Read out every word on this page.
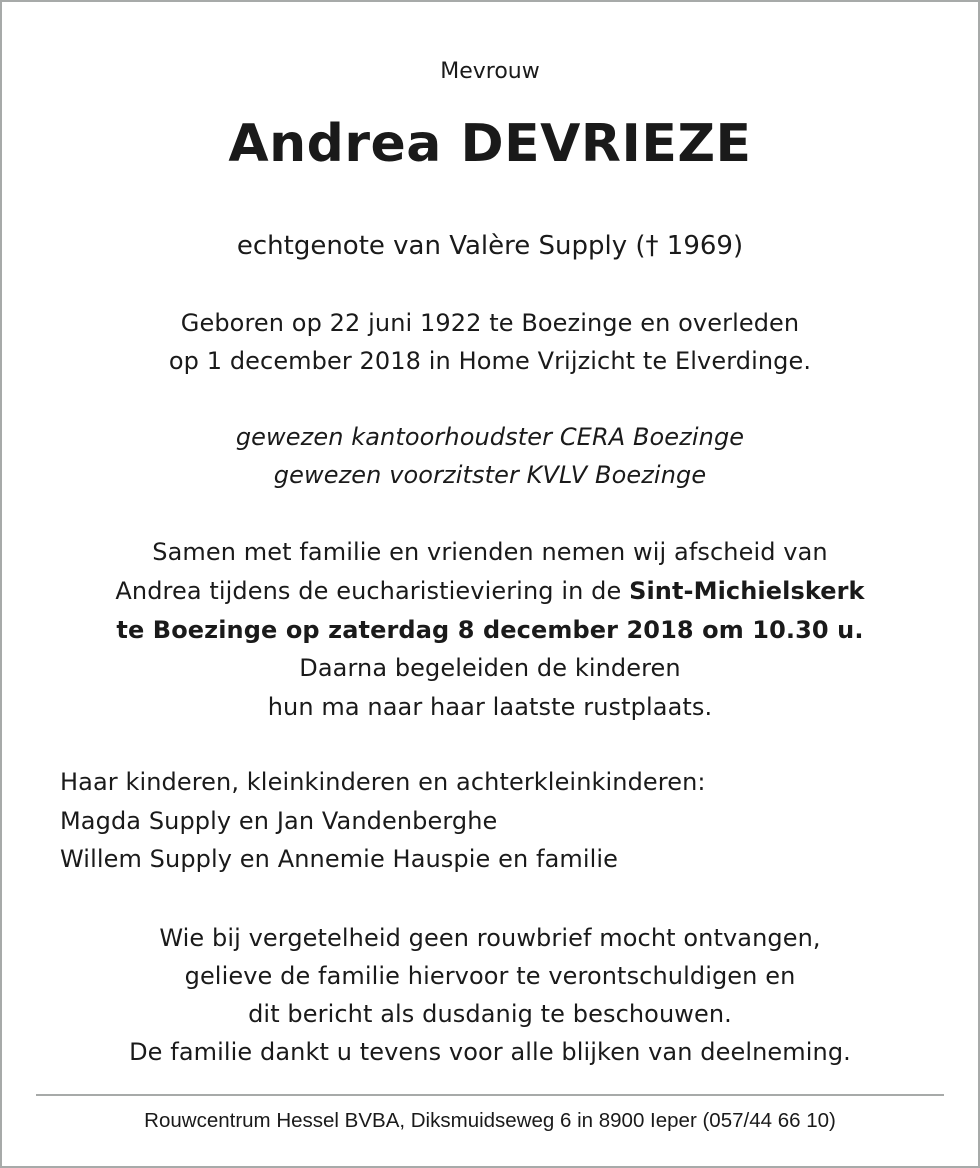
Mevrouw
Andrea DEVRIEZE
echtgenote van Valère Supply († 1969)
Geboren op 22 juni 1922 te Boezinge en overleden
op 1 december 2018 in Home Vrijzicht te Elverdinge.
gewezen kantoorhoudster CERA Boezinge
gewezen voorzitster KVLV Boezinge
Samen met familie en vrienden nemen wij afscheid van
Andrea tijdens de eucharistieviering in de Sint-Michielskerk
te Boezinge op zaterdag 8 december 2018 om 10.30 u.
Daarna begeleiden de kinderen
hun ma naar haar laatste rustplaats.
Haar kinderen, kleinkinderen en achterkleinkinderen:
Magda Supply en Jan Vandenberghe
Willem Supply en Annemie Hauspie en familie
Wie bij vergetelheid geen rouwbrief mocht ontvangen,
gelieve de familie hiervoor te verontschuldigen en
dit bericht als dusdanig te beschouwen.
De familie dankt u tevens voor alle blijken van deelneming.
Rouwcentrum Hessel BVBA, Diksmuidseweg 6 in 8900 Ieper (057/44 66 10)
